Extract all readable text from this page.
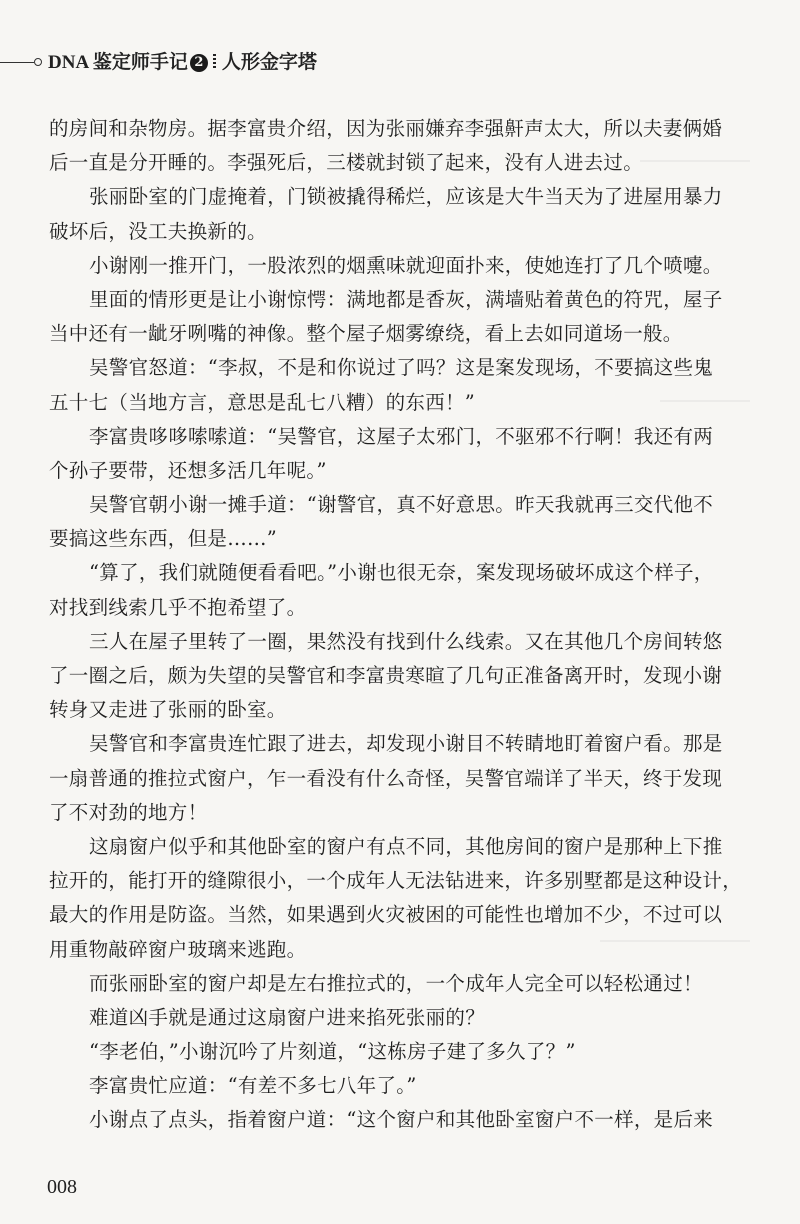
DNA 鉴定师手记 2 人形金字塔
的房间和杂物房。据李富贵介绍，因为张丽嫌弃李强鼾声太大，所以夫妻俩婚
后一直是分开睡的。李强死后，三楼就封锁了起来，没有人进去过。
张丽卧室的门虚掩着，门锁被撬得稀烂，应该是大牛当天为了进屋用暴力
破坏后，没工夫换新的。
小谢刚一推开门，一股浓烈的烟熏味就迎面扑来，使她连打了几个喷嚏。
里面的情形更是让小谢惊愕：满地都是香灰，满墙贴着黄色的符咒，屋子
当中还有一龇牙咧嘴的神像。整个屋子烟雾缭绕，看上去如同道场一般。
吴警官怒道：“李叔，不是和你说过了吗？这是案发现场，不要搞这些鬼
五十七（当地方言，意思是乱七八糟）的东西！”
李富贵哆哆嗦嗦道：“吴警官，这屋子太邪门，不驱邪不行啊！我还有两
个孙子要带，还想多活几年呢。”
吴警官朝小谢一摊手道：“谢警官，真不好意思。昨天我就再三交代他不
要搞这些东西，但是……”
“算了，我们就随便看看吧。”小谢也很无奈，案发现场破坏成这个样子，
对找到线索几乎不抱希望了。
三人在屋子里转了一圈，果然没有找到什么线索。又在其他几个房间转悠
了一圈之后，颇为失望的吴警官和李富贵寒暄了几句正准备离开时，发现小谢
转身又走进了张丽的卧室。
吴警官和李富贵连忙跟了进去，却发现小谢目不转睛地盯着窗户看。那是
一扇普通的推拉式窗户，乍一看没有什么奇怪，吴警官端详了半天，终于发现
了不对劲的地方！
这扇窗户似乎和其他卧室的窗户有点不同，其他房间的窗户是那种上下推
拉开的，能打开的缝隙很小，一个成年人无法钻进来，许多别墅都是这种设计，
最大的作用是防盗。当然，如果遇到火灾被困的可能性也增加不少，不过可以
用重物敲碎窗户玻璃来逃跑。
而张丽卧室的窗户却是左右推拉式的，一个成年人完全可以轻松通过！
难道凶手就是通过这扇窗户进来掐死张丽的？
“李老伯，”小谢沉吟了片刻道，“这栋房子建了多久了？”
李富贵忙应道：“有差不多七八年了。”
小谢点了点头，指着窗户道：“这个窗户和其他卧室窗户不一样，是后来
008
